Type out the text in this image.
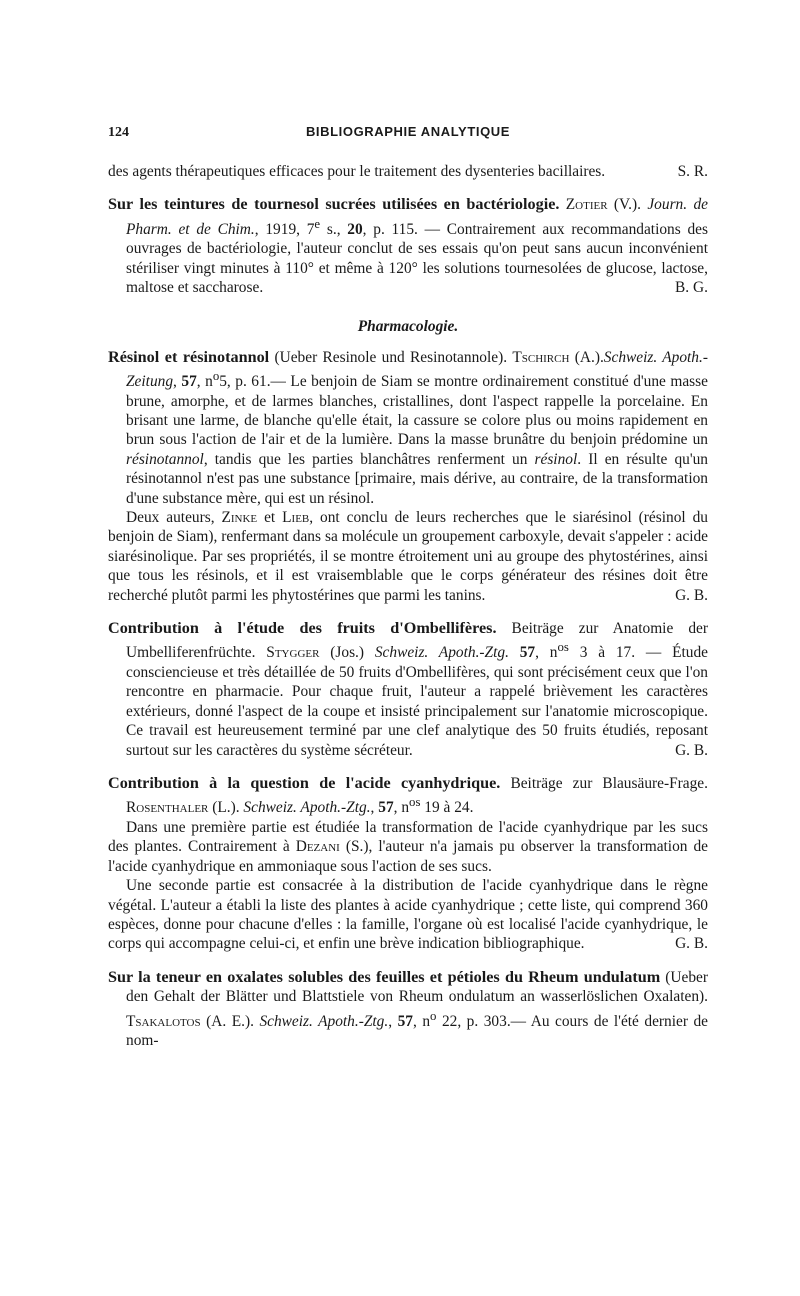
124	BIBLIOGRAPHIE ANALYTIQUE

des agents thérapeutiques efficaces pour le traitement des dysenteries bacillaires.	S. R.

Sur les teintures de tournesol sucrées utilisées en bactériologie. Zotier (V.). Journ. de Pharm. et de Chim., 1919, 7e s., 20, p. 115. — Contrairement aux recommandations des ouvrages de bactériologie, l'auteur conclut de ses essais qu'on peut sans aucun inconvénient stériliser vingt minutes à 110° et même à 120° les solutions tournesolées de glucose, lactose, maltose et saccharose.	B. G.

Pharmacologie.

Résinol et résinotannol (Ueber Resinole und Resinotannole). Tschirch (A.).Schweiz. Apoth.-Zeitung, 57, $n^o5$, p. 61.— Le benjoin de Siam se montre ordinairement constitué d'une masse brune, amorphe, et de larmes blanches, cristallines, dont l'aspect rappelle la porcelaine. En brisant une larme, de blanche qu'elle était, la cassure se colore plus ou moins rapidement en brun sous l'action de l'air et de la lumière. Dans la masse brunâtre du benjoin prédomine un résinotannol, tandis que les parties blanchâtres renferment un résinol. Il en résulte qu'un résinotannol n'est pas une substance [primaire, mais dérive, au contraire, de la transformation d'une substance mère, qui est un résinol.

Deux auteurs, Zinke et Lieb, ont conclu de leurs recherches que le siarésinol (résinol du benjoin de Siam), renfermant dans sa molécule un groupement carboxyle, devait s'appeler : acide siarésinolique. Par ses propriétés, il se montre étroitement uni au groupe des phytostérines, ainsi que tous les résinols, et il est vraisemblable que le corps générateur des résines doit être recherché plutôt parmi les phytostérines que parmi les tanins.	G. B.

Contribution à l'étude des fruits d'Ombellifères. Beiträge zur Anatomie der Umbelliferenfrüchte. Stygger (Jos.) Schweiz. Apoth.-Ztg. 57, $n^{os}$ 3 à 17. — Étude consciencieuse et très détaillée de 50 fruits d'Ombellifères, qui sont précisément ceux que l'on rencontre en pharmacie. Pour chaque fruit, l'auteur a rappelé brièvement les caractères extérieurs, donné l'aspect de la coupe et insisté principalement sur l'anatomie microscopique. Ce travail est heureusement terminé par une clef analytique des 50 fruits étudiés, reposant surtout sur les caractères du système sécréteur.	G. B.

Contribution à la question de l'acide cyanhydrique. Beiträge zur Blausäure-Frage. Rosenthaler (L.). Schweiz. Apoth.-Ztg., 57, $n^{os}$ 19 à 24.

Dans une première partie est étudiée la transformation de l'acide cyanhydrique par les sucs des plantes. Contrairement à Dezani (S.), l'auteur n'a jamais pu observer la transformation de l'acide cyanhydrique en ammoniaque sous l'action de ses sucs.

Une seconde partie est consacrée à la distribution de l'acide cyanhydrique dans le règne végétal. L'auteur a établi la liste des plantes à acide cyanhydrique ; cette liste, qui comprend 360 espèces, donne pour chacune d'elles : la famille, l'organe où est localisé l'acide cyanhydrique, le corps qui accompagne celui-ci, et enfin une brève indication bibliographique.	G. B.

Sur la teneur en oxalates solubles des feuilles et pétioles du Rheum undulatum (Ueber den Gehalt der Blätter und Blattstiele von Rheum ondulatum an wasserlöslichen Oxalaten). Tsakalotos (A. E.). Schweiz. Apoth.-Ztg., 57, $n^o$ 22, p. 303.— Au cours de l'été dernier de nom-
